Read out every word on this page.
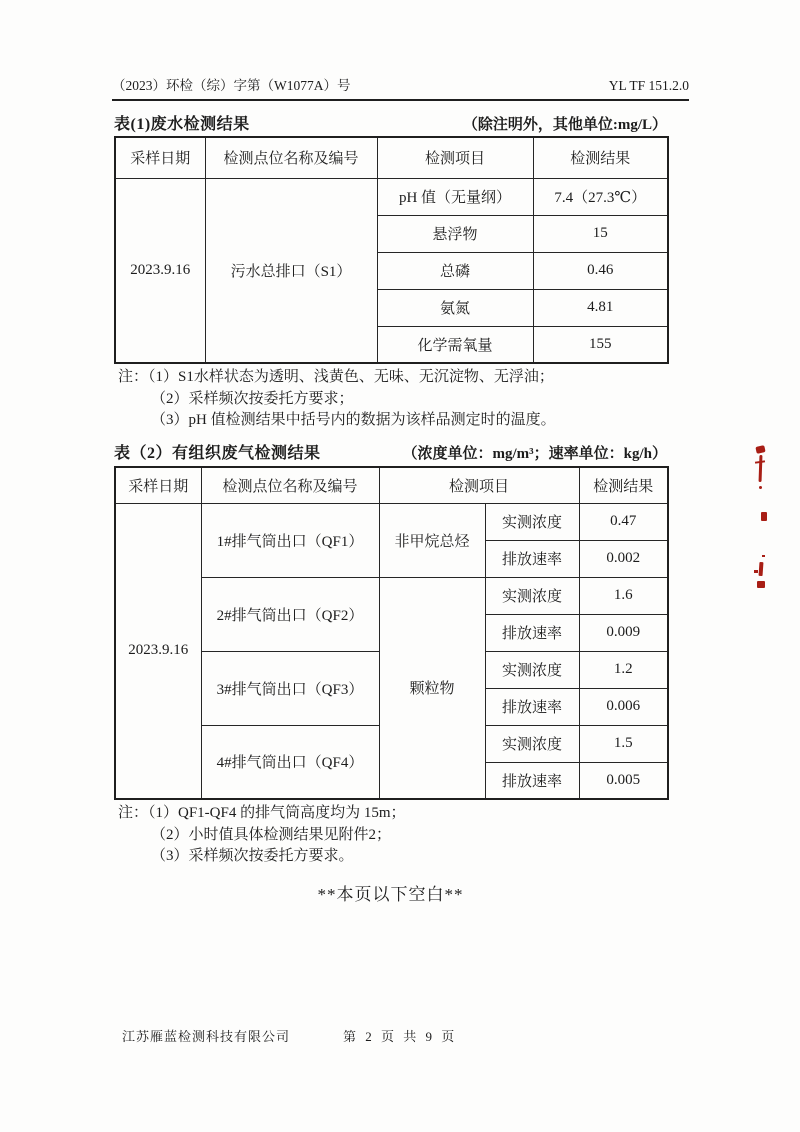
（2023）环检（综）字第（W1077A）号	YL TF 151.2.0
表(1)废水检测结果	（除注明外，其他单位:mg/L）
采样日期	检测点位名称及编号	检测项目	检测结果
2023.9.16	污水总排口（S1）	pH 值（无量纲）	7.4（27.3℃）
		悬浮物	15
		总磷	0.46
		氨氮	4.81
		化学需氧量	155
注：（1）S1水样状态为透明、浅黄色、无味、无沉淀物、无浮油；
（2）采样频次按委托方要求；
（3）pH 值检测结果中括号内的数据为该样品测定时的温度。
表（2）有组织废气检测结果	（浓度单位：mg/m³；速率单位：kg/h）
采样日期	检测点位名称及编号	检测项目		检测结果
2023.9.16	1#排气筒出口（QF1）	非甲烷总烃	实测浓度	0.47
			排放速率	0.002
	2#排气筒出口（QF2）	颗粒物	实测浓度	1.6
			排放速率	0.009
	3#排气筒出口（QF3）		实测浓度	1.2
			排放速率	0.006
	4#排气筒出口（QF4）		实测浓度	1.5
			排放速率	0.005
注：（1）QF1-QF4 的排气筒高度均为 15m；
（2）小时值具体检测结果见附件2；
（3）采样频次按委托方要求。
**本页以下空白**
江苏雁蓝检测科技有限公司	第 2 页 共 9 页
